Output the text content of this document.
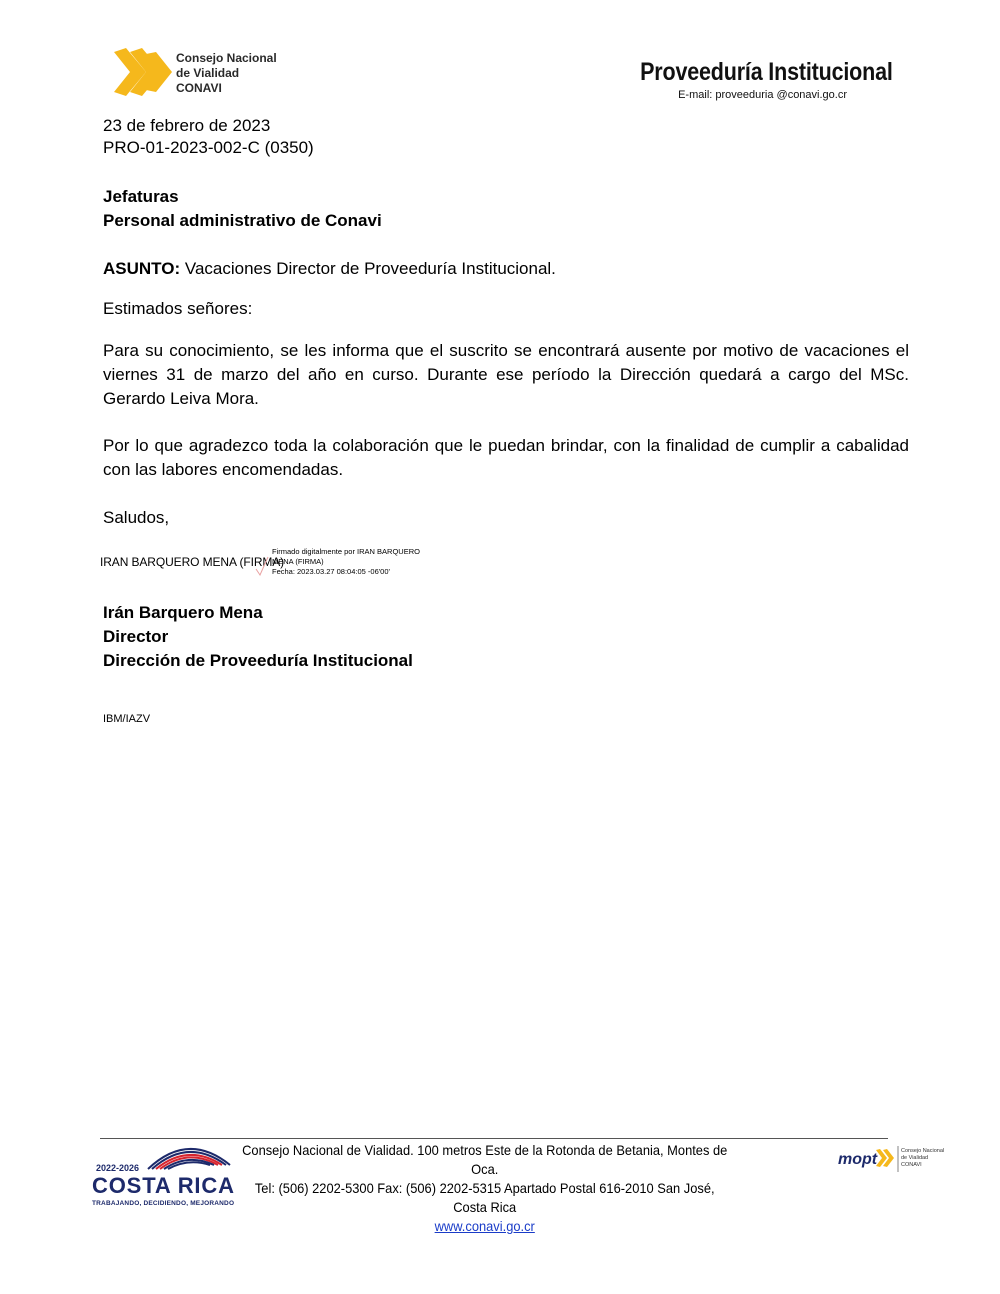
Consejo Nacional
de Vialidad
CONAVI
Proveeduría Institucional
E-mail: proveeduria @conavi.go.cr
23 de febrero de 2023
PRO-01-2023-002-C (0350)
Jefaturas
Personal administrativo de Conavi
ASUNTO: Vacaciones Director de Proveeduría Institucional.
Estimados señores:
Para su conocimiento, se les informa que el suscrito se encontrará ausente por motivo de vacaciones el viernes 31 de marzo del año en curso. Durante ese período la Dirección quedará a cargo del MSc. Gerardo Leiva Mora.
Por lo que agradezco toda la colaboración que le puedan brindar, con la finalidad de cumplir a cabalidad con las labores encomendadas.
Saludos,
IRAN BARQUERO MENA (FIRMA)
Firmado digitalmente por IRAN BARQUERO
MENA (FIRMA)
Fecha: 2023.03.27 08:04:05 -06'00'
Irán Barquero Mena
Director
Dirección de Proveeduría Institucional
IBM/IAZV
2022-2026
COSTA RICA
TRABAJANDO, DECIDIENDO, MEJORANDO
Consejo Nacional de Vialidad. 100 metros Este de la Rotonda de Betania, Montes de Oca.
Tel: (506) 2202-5300 Fax: (506) 2202-5315 Apartado Postal 616-2010 San José, Costa Rica
www.conavi.go.cr
mopt	Consejo Nacional
de Vialidad
CONAVI
